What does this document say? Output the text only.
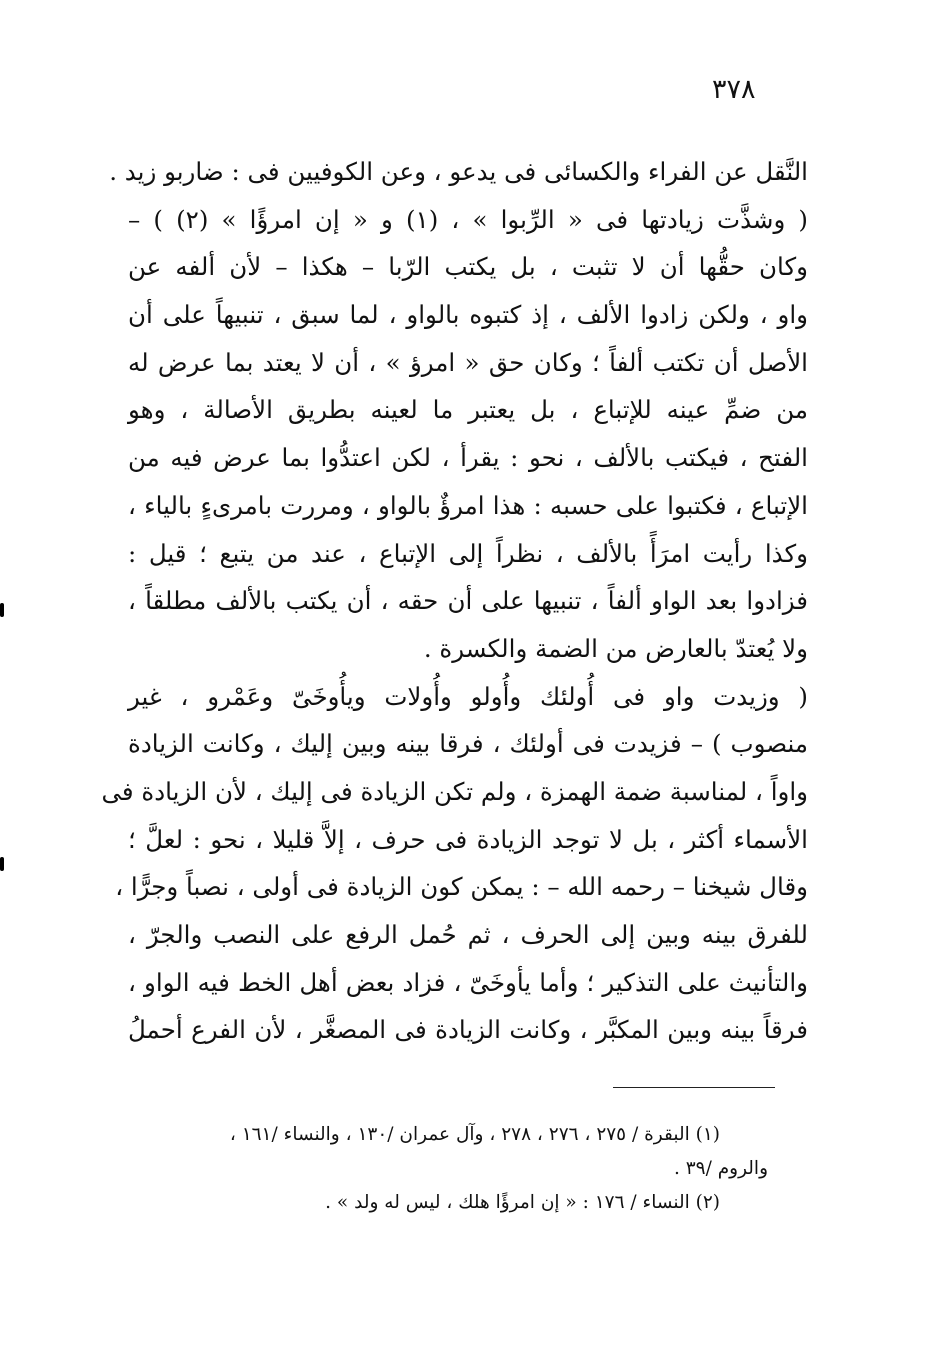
٣٧٨
النَّقل عن الفراء والكسائى فى يدعو ، وعن الكوفيين فى : ضاربو زيد .
( وشذَّت زيادتها فى « الرِّبوا » ، (١) و « إن امرؤًا » (٢) ) –
وكان حقُّها أن لا تثبت ، بل يكتب الرّبا – هكذا – لأن ألفه عن
واو ، ولكن زادوا الألف ، إذ كتبوه بالواو ، لما سبق ، تنبيهاً على أن
الأصل أن تكتب ألفاً ؛ وكان حق « امرؤ » ، أن لا يعتد بما عرض له
من ضمِّ عينه للإتباع ، بل يعتبر ما لعينه بطريق الأصالة ، وهو
الفتح ، فيكتب بالألف ، نحو : يقرأ ، لكن اعتدُّوا بما عرض فيه من
الإتباع ، فكتبوا على حسبه : هذا امرؤٌ بالواو ، ومررت بامرىءٍ بالياء ،
وكذا رأيت امرَأً بالألف ، نظراً إلى الإتباع ، عند من يتبع ؛ قيل :
فزادوا بعد الواو ألفاً ، تنبيها على أن حقه ، أن يكتب بالألف مطلقاً ،
ولا يُعتدّ بالعارض من الضمة والكسرة .
( وزيدت واو فى أُولئك وأُولو وأُولات ويأُوخَىّ وعَمْرو ، غير
منصوب ) – فزيدت فى أولئك ، فرقا بينه وبين إليك ، وكانت الزيادة
واواً ، لمناسبة ضمة الهمزة ، ولم تكن الزيادة فى إليك ، لأن الزيادة فى
الأسماء أكثر ، بل لا توجد الزيادة فى حرف ، إلاَّ قليلا ، نحو : لعلَّ ؛
وقال شيخنا – رحمه الله – : يمكن كون الزيادة فى أولى ، نصباً وجرًّا ،
للفرق بينه وبين إلى الحرف ، ثم حُمل الرفع على النصب والجرّ ،
والتأنيث على التذكير ؛ وأما يأوخَىّ ، فزاد بعض أهل الخط فيه الواو ،
فرقاً بينه وبين المكبَّر ، وكانت الزيادة فى المصغَّر ، لأن الفرع أحملُ
(١) البقرة / ٢٧٥ ، ٢٧٦ ، ٢٧٨ ، وآل عمران /١٣٠ ، والنساء /١٦١ ،
والروم /٣٩ .
(٢) النساء / ١٧٦ : « إن امرؤًا هلك ، ليس له ولد » .
